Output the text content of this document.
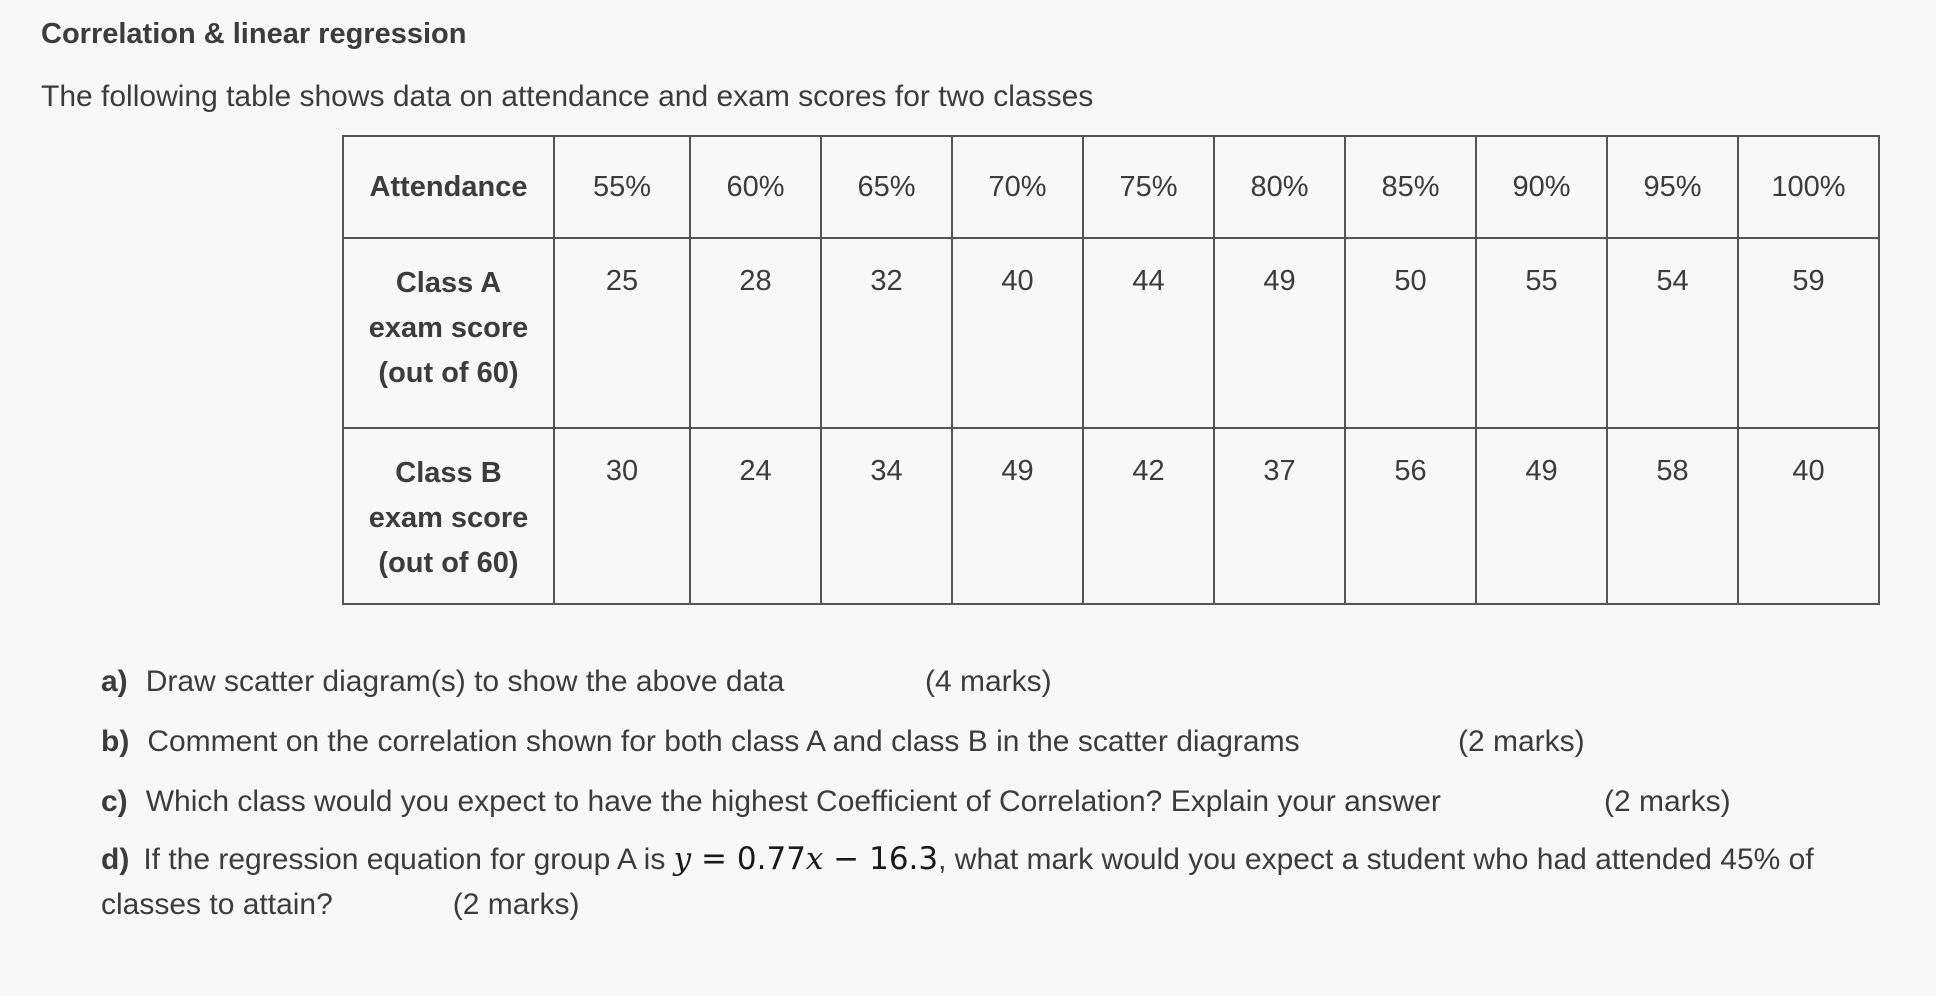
Correlation & linear regression
The following table shows data on attendance and exam scores for two classes
Attendance	55%	60%	65%	70%	75%	80%	85%	90%	95%	100%

Class A
exam score
(out of 60)	25	28	32	40	44	49	50	55	54	59

Class B
exam score
(out of 60)	30	24	34	49	42	37	56	49	58	40
a) Draw scatter diagram(s) to show the above data	(4 marks)
b) Comment on the correlation shown for both class A and class B in the scatter diagrams	(2 marks)
c) Which class would you expect to have the highest Coefficient of Correlation? Explain your answer	(2 marks)
d) If the regression equation for group A is y = 0.77x − 16.3, what mark would you expect a student who had attended 45% of classes to attain?	(2 marks)
